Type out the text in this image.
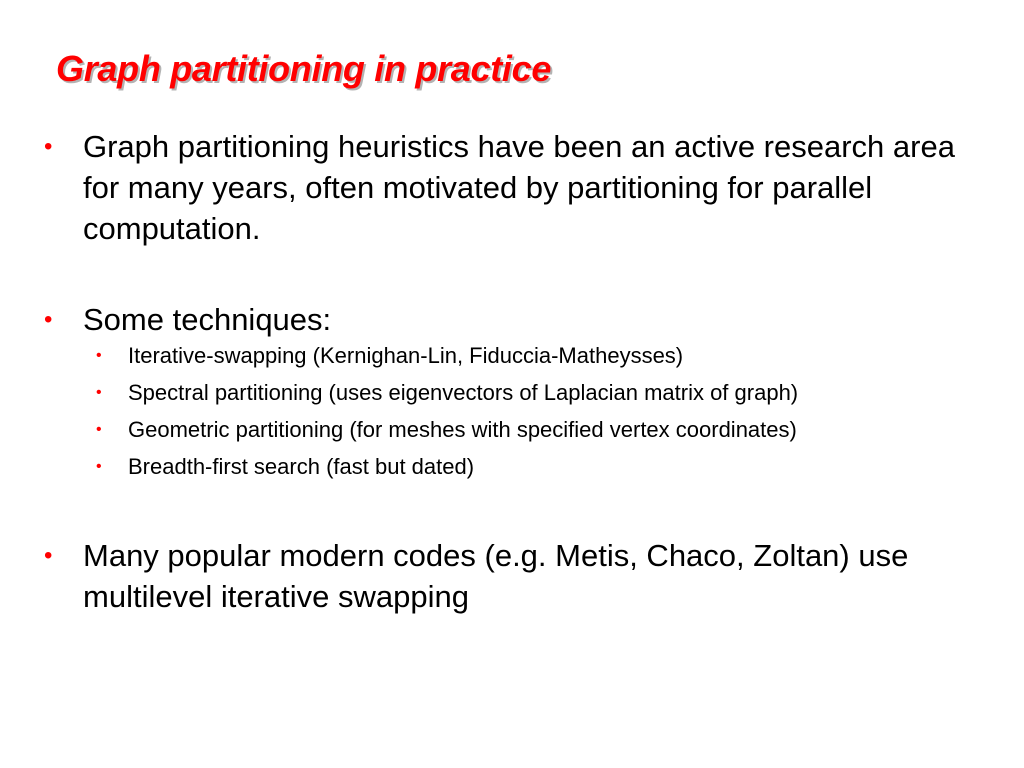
Graph partitioning in practice
• Graph partitioning heuristics have been an active research area for many years, often motivated by partitioning for parallel computation.
• Some techniques:
• Iterative-swapping (Kernighan-Lin, Fiduccia-Matheysses)
• Spectral partitioning (uses eigenvectors of Laplacian matrix of graph)
• Geometric partitioning (for meshes with specified vertex coordinates)
• Breadth-first search (fast but dated)
• Many popular modern codes (e.g. Metis, Chaco, Zoltan) use multilevel iterative swapping
